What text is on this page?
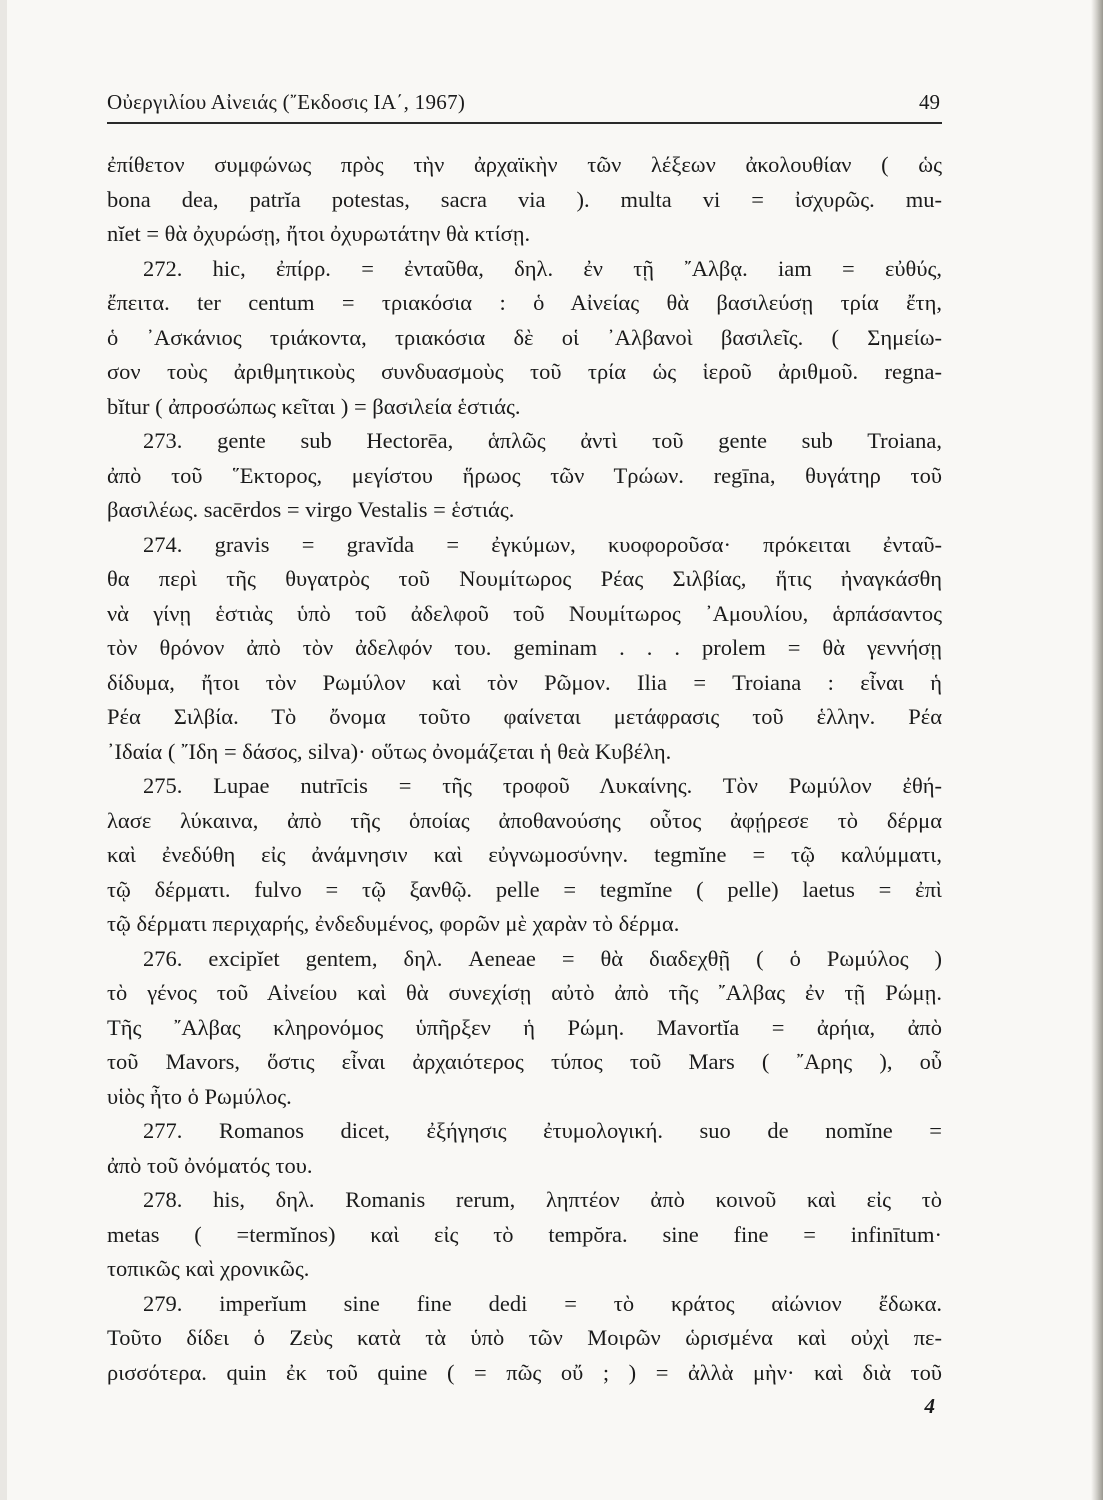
Οὐεργιλίου Αἰνειάς (῎Εκδοσις ΙΑ΄, 1967)	49
ἐπίθετον συμφώνως πρὸς τὴν ἀρχαϊκὴν τῶν λέξεων ἀκολουθίαν ( ὡς
bona dea, patrĭa potestas, sacra via ). multa vi = ἰσχυρῶς. mu-
nĭet = θὰ ὀχυρώσῃ, ἤτοι ὀχυρωτάτην θὰ κτίσῃ.
272. hic, ἐπίρρ. = ἐνταῦθα, δηλ. ἐν τῇ ῎Αλβᾳ. iam = εὐθύς,
ἔπειτα. ter centum = τριακόσια : ὁ Αἰνείας θὰ βασιλεύσῃ τρία ἔτη,
ὁ ᾽Ασκάνιος τριάκοντα, τριακόσια δὲ οἱ ᾽Αλβανοὶ βασιλεῖς. ( Σημείω-
σον τοὺς ἀριθμητικοὺς συνδυασμοὺς τοῦ τρία ὡς ἱεροῦ ἀριθμοῦ. regna-
bĭtur ( ἀπροσώπως κεῖται ) = βασιλεία ἑστιάς.
273. gente sub Hectorēa, ἁπλῶς ἀντὶ τοῦ gente sub Troiana,
ἀπὸ τοῦ ῞Εκτορος, μεγίστου ἥρωος τῶν Τρώων. regīna, θυγάτηρ τοῦ
βασιλέως. sacērdos = virgo Vestalis = ἑστιάς.
274. gravis = gravĭda = ἐγκύμων, κυοφοροῦσα· πρόκειται ἐνταῦ-
θα περὶ τῆς θυγατρὸς τοῦ Νουμίτωρος Ρέας Σιλβίας, ἥτις ἠναγκάσθη
νὰ γίνῃ ἑστιὰς ὑπὸ τοῦ ἀδελφοῦ τοῦ Νουμίτωρος ᾽Αμουλίου, ἁρπάσαντος
τὸν θρόνον ἀπὸ τὸν ἀδελφόν του. geminam . . . prolem = θὰ γεννήσῃ
δίδυμα, ἤτοι τὸν Ρωμύλον καὶ τὸν Ρῶμον. Ilia = Troiana : εἶναι ἡ
Ρέα Σιλβία. Τὸ ὄνομα τοῦτο φαίνεται μετάφρασις τοῦ ἑλλην. Ρέα
᾽Ιδαία ( ῎Ιδη = δάσος, silva)· οὕτως ὀνομάζεται ἡ θεὰ Κυβέλη.
275. Lupae nutrīcis = τῆς τροφοῦ Λυκαίνης. Τὸν Ρωμύλον ἐθή-
λασε λύκαινα, ἀπὸ τῆς ὁποίας ἀποθανούσης οὗτος ἀφῄρεσε τὸ δέρμα
καὶ ἐνεδύθη εἰς ἀνάμνησιν καὶ εὐγνωμοσύνην. tegmĭne = τῷ καλύμματι,
τῷ δέρματι. fulvo = τῷ ξανθῷ. pelle = tegmĭne ( pelle) laetus = ἐπὶ
τῷ δέρματι περιχαρής, ἐνδεδυμένος, φορῶν μὲ χαρὰν τὸ δέρμα.
276. excipĭet gentem, δηλ. Aeneae = θὰ διαδεχθῇ ( ὁ Ρωμύλος )
τὸ γένος τοῦ Αἰνείου καὶ θὰ συνεχίσῃ αὐτὸ ἀπὸ τῆς ῎Αλβας ἐν τῇ Ρώμῃ.
Τῆς ῎Αλβας κληρονόμος ὑπῆρξεν ἡ Ρώμη. Mavortĭa = ἀρήια, ἀπὸ
τοῦ Mavors, ὅστις εἶναι ἀρχαιότερος τύπος τοῦ Mars ( ῎Αρης ), οὗ
υἱὸς ἦτο ὁ Ρωμύλος.
277. Romanos dicet, ἐξήγησις ἐτυμολογική. suo de nomĭne =
ἀπὸ τοῦ ὀνόματός του.
278. his, δηλ. Romanis rerum, ληπτέον ἀπὸ κοινοῦ καὶ εἰς τὸ
metas ( =termĭnos) καὶ εἰς τὸ tempŏra. sine fine = infinītum·
τοπικῶς καὶ χρονικῶς.
279. imperĭum sine fine dedi = τὸ κράτος αἰώνιον ἔδωκα.
Τοῦτο δίδει ὁ Ζεὺς κατὰ τὰ ὑπὸ τῶν Μοιρῶν ὡρισμένα καὶ οὐχὶ πε-
ρισσότερα. quin ἐκ τοῦ quine ( = πῶς οὔ ; ) = ἀλλὰ μὴν· καὶ διὰ τοῦ
4
